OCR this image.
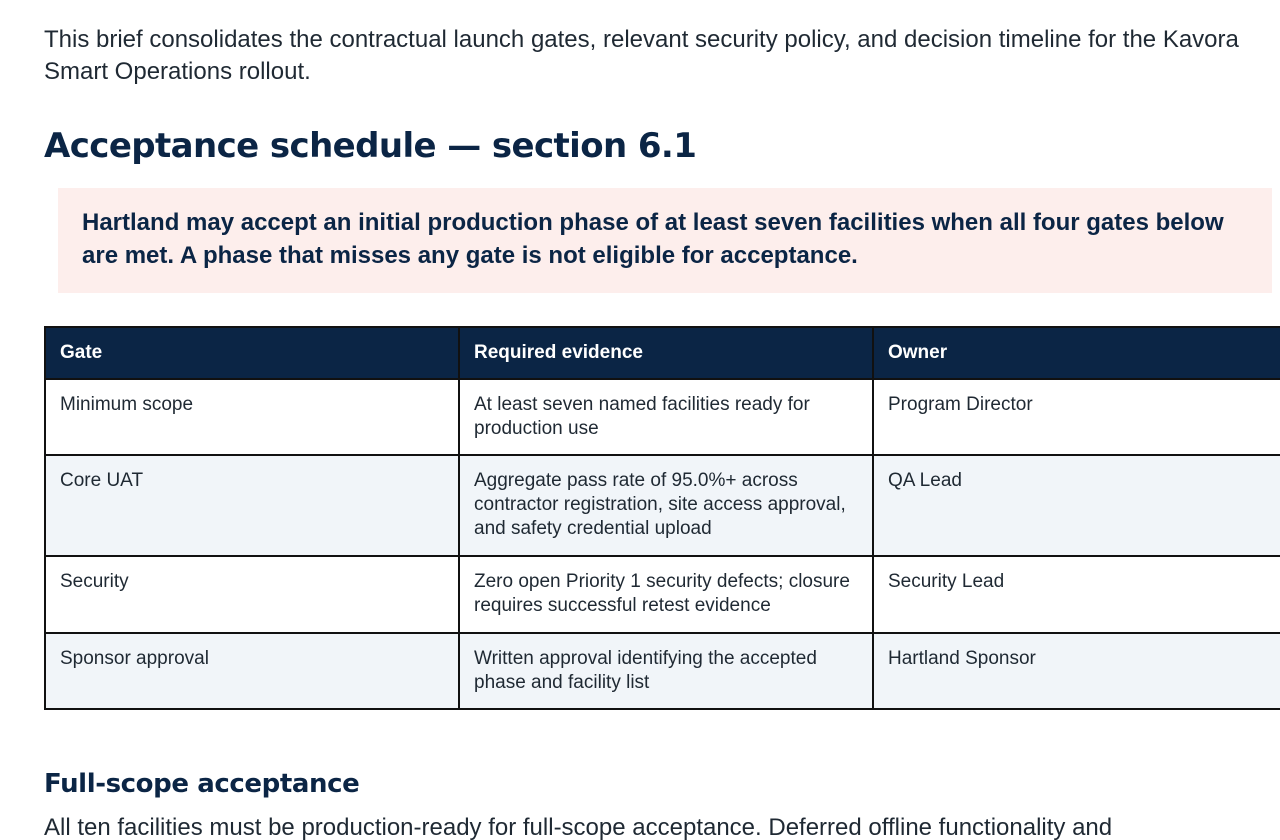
This brief consolidates the contractual launch gates, relevant security policy, and decision timeline for the Kavora Smart Operations rollout.

Acceptance schedule — section 6.1

Hartland may accept an initial production phase of at least seven facilities when all four gates below are met. A phase that misses any gate is not eligible for acceptance.

Gate	Required evidence	Owner
Minimum scope	At least seven named facilities ready for production use	Program Director
Core UAT	Aggregate pass rate of 95.0%+ across contractor registration, site access approval, and safety credential upload	QA Lead
Security	Zero open Priority 1 security defects; closure requires successful retest evidence	Security Lead
Sponsor approval	Written approval identifying the accepted phase and facility list	Hartland Sponsor
Full-scope acceptance

All ten facilities must be production-ready for full-scope acceptance. Deferred offline functionality and
